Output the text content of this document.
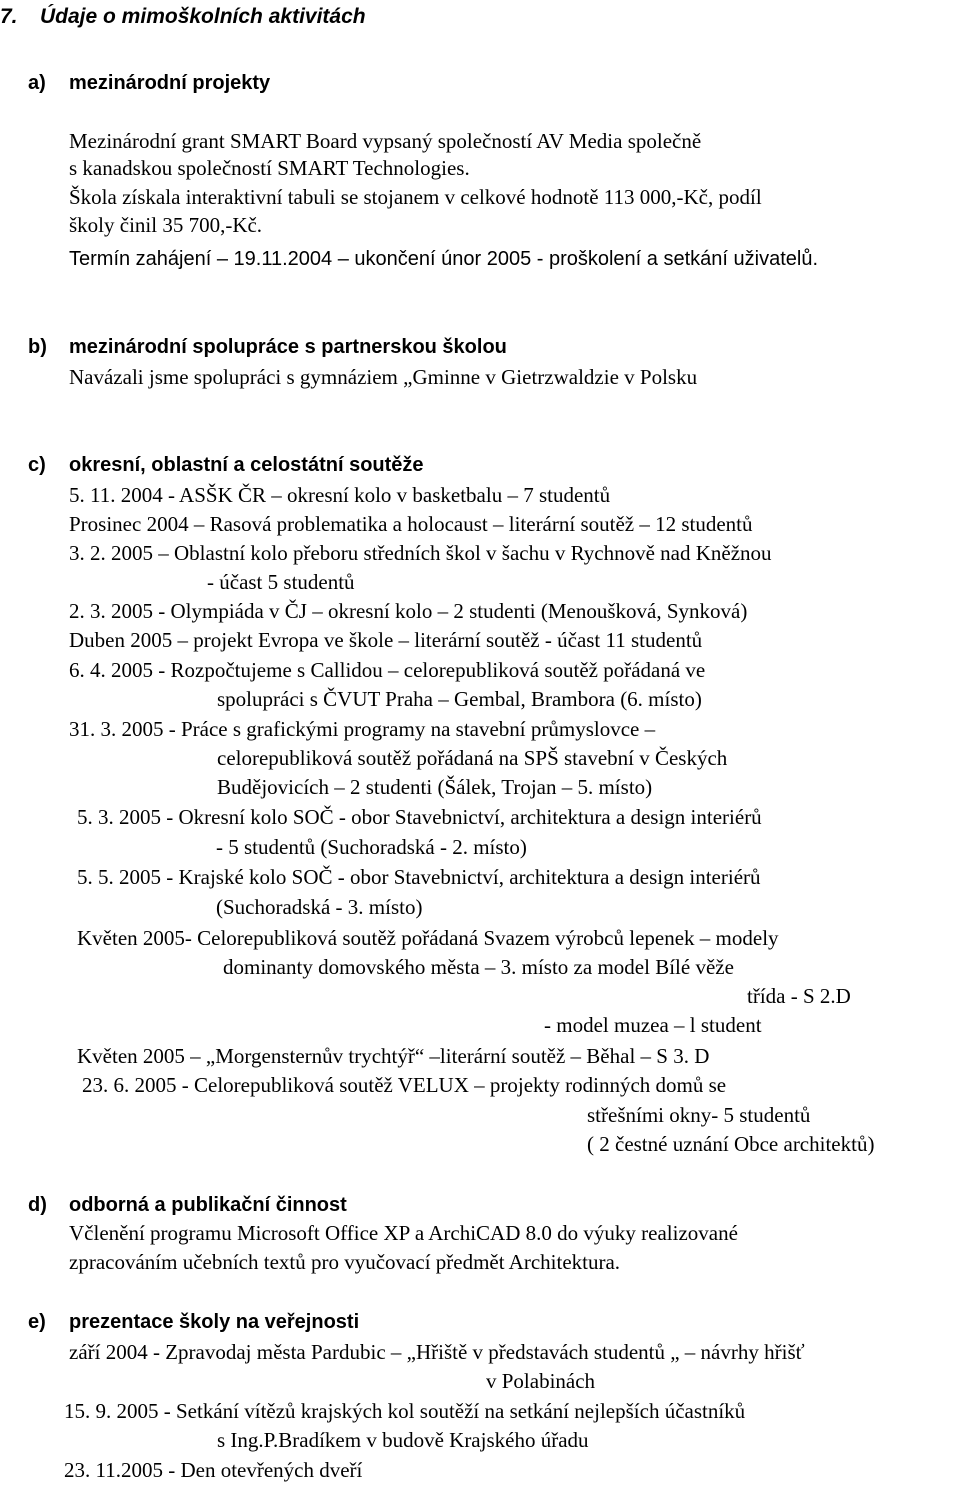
7. Údaje o mimoškolních aktivitách
a) mezinárodní projekty
Mezinárodní grant SMART Board vypsaný společností AV Media společně
s kanadskou společností SMART Technologies.
Škola získala interaktivní tabuli se stojanem v celkové hodnotě 113 000,-Kč, podíl
školy činil 35 700,-Kč.
Termín zahájení – 19.11.2004 – ukončení únor 2005 - proškolení a setkání uživatelů.
b) mezinárodní spolupráce s partnerskou školou
Navázali jsme spolupráci s gymnáziem „Gminne v Gietrzwaldzie v Polsku
c) okresní, oblastní a celostátní soutěže
5. 11. 2004 - ASŠK ČR – okresní kolo v basketbalu – 7 studentů
Prosinec 2004 – Rasová problematika a holocaust – literární soutěž – 12 studentů
3. 2. 2005 – Oblastní kolo přeboru středních škol v šachu v Rychnově nad Kněžnou
- účast 5 studentů
2. 3. 2005 - Olympiáda v ČJ – okresní kolo – 2 studenti (Menoušková, Synková)
Duben 2005 – projekt Evropa ve škole – literární soutěž - účast 11 studentů
6. 4. 2005 - Rozpočtujeme s Callidou – celorepubliková soutěž pořádaná ve
spolupráci s ČVUT Praha – Gembal, Brambora (6. místo)
31. 3. 2005 - Práce s grafickými programy na stavební průmyslovce –
celorepubliková soutěž pořádaná na SPŠ stavební v Českých
Budějovicích – 2 studenti (Šálek, Trojan – 5. místo)
5. 3. 2005 - Okresní kolo SOČ - obor Stavebnictví, architektura a design interiérů
- 5 studentů (Suchoradská - 2. místo)
5. 5. 2005 - Krajské kolo SOČ - obor Stavebnictví, architektura a design interiérů
(Suchoradská - 3. místo)
Květen 2005- Celorepubliková soutěž pořádaná Svazem výrobců lepenek – modely
dominanty domovského města – 3. místo za model Bílé věže
třída - S 2.D
- model muzea – l student
Květen 2005 – „Morgensternův trychtýř“ –literární soutěž – Běhal – S 3. D
23. 6. 2005 - Celorepubliková soutěž VELUX – projekty rodinných domů se
střešními okny- 5 studentů
( 2 čestné uznání Obce architektů)
d) odborná a publikační činnost
Včlenění programu Microsoft Office XP a ArchiCAD 8.0 do výuky realizované
zpracováním učebních textů pro vyučovací předmět Architektura.
e) prezentace školy na veřejnosti
září 2004 - Zpravodaj města Pardubic – „Hřiště v představách studentů „ – návrhy hřišť
v Polabinách
15. 9. 2005 - Setkání vítězů krajských kol soutěží na setkání nejlepších účastníků
s Ing.P.Bradíkem v budově Krajského úřadu
23. 11.2005 - Den otevřených dveří
